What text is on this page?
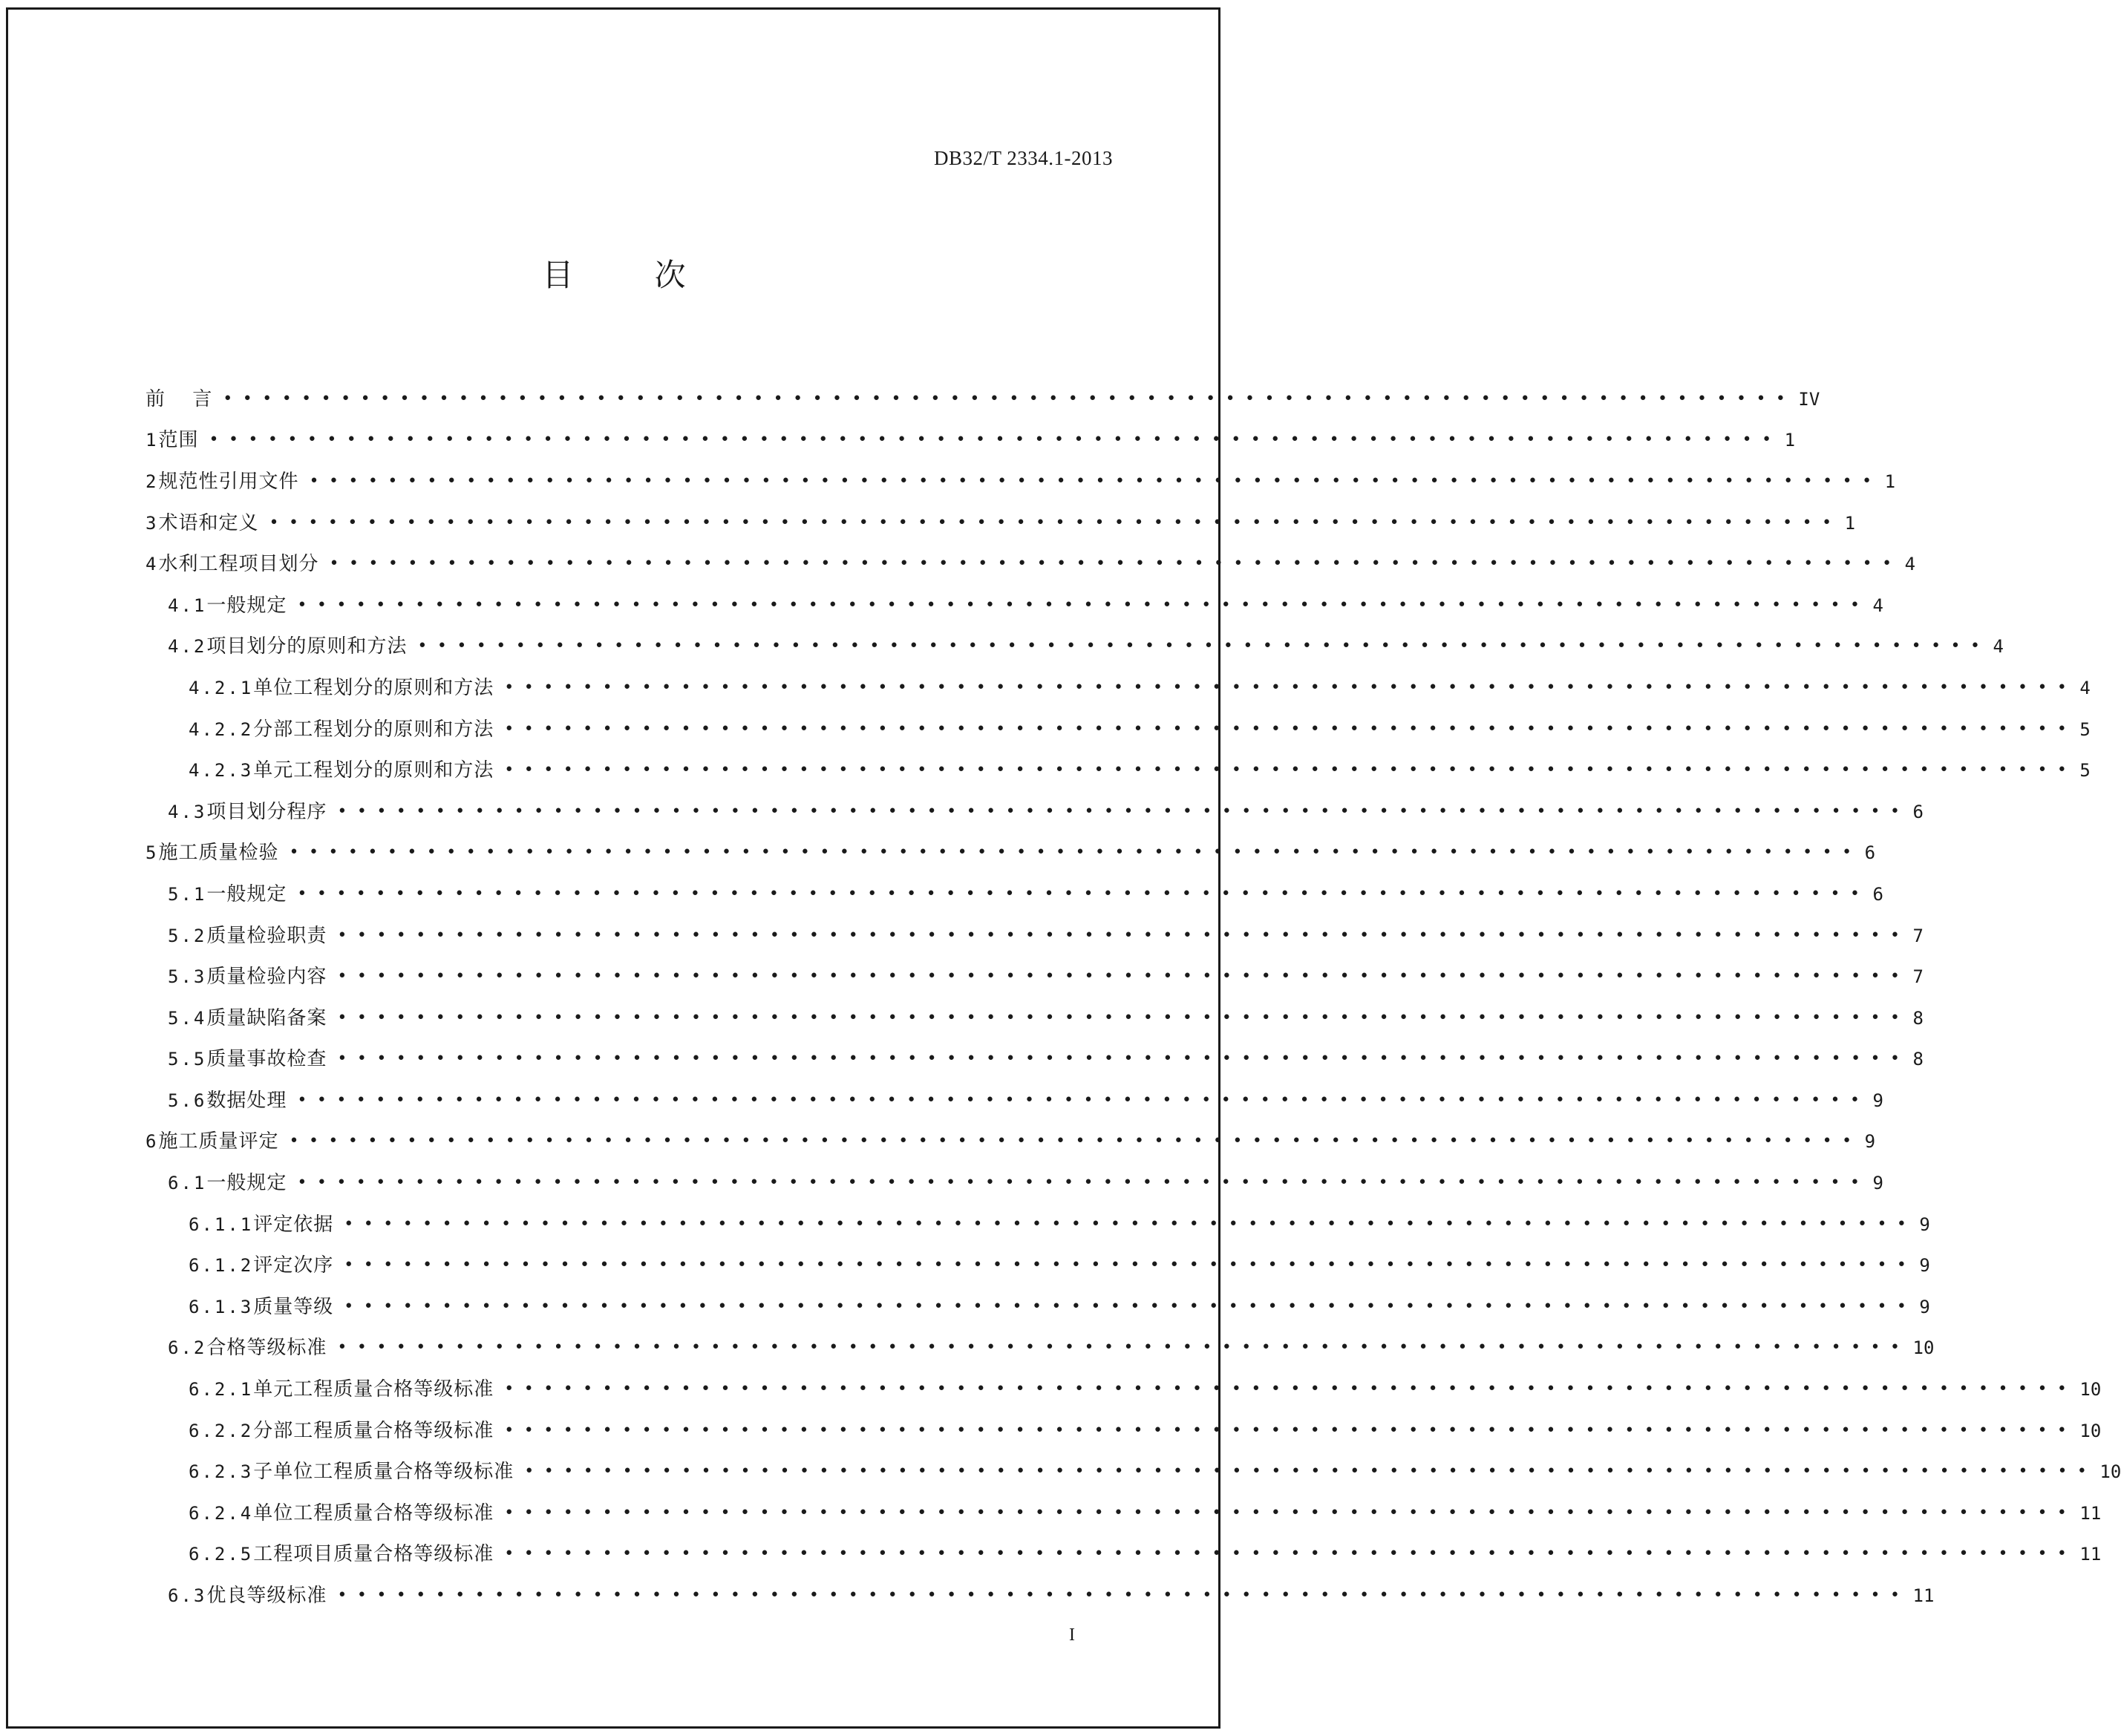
DB32/T 2334.1-2013
目 次
前　 言 •••••••••••••••••••••••••••••••••••••••••••••••••••••••••••••••••••••••••••••••• IV
1 范围 •••••••••••••••••••••••••••••••••••••••••••••••••••••••••••••••••••••••••••••••• 1
2 规范性引用文件 •••••••••••••••••••••••••••••••••••••••••••••••••••••••••••••••••••••••••••••••• 1
3 术语和定义 •••••••••••••••••••••••••••••••••••••••••••••••••••••••••••••••••••••••••••••••• 1
4 水利工程项目划分 •••••••••••••••••••••••••••••••••••••••••••••••••••••••••••••••••••••••••••••••• 4
4.1 一般规定 •••••••••••••••••••••••••••••••••••••••••••••••••••••••••••••••••••••••••••••••• 4
4.2 项目划分的原则和方法 •••••••••••••••••••••••••••••••••••••••••••••••••••••••••••••••••••••••••••••••• 4
4.2.1 单位工程划分的原则和方法 •••••••••••••••••••••••••••••••••••••••••••••••••••••••••••••••••••••••••••••••• 4
4.2.2 分部工程划分的原则和方法 •••••••••••••••••••••••••••••••••••••••••••••••••••••••••••••••••••••••••••••••• 5
4.2.3 单元工程划分的原则和方法 •••••••••••••••••••••••••••••••••••••••••••••••••••••••••••••••••••••••••••••••• 5
4.3 项目划分程序 •••••••••••••••••••••••••••••••••••••••••••••••••••••••••••••••••••••••••••••••• 6
5 施工质量检验 •••••••••••••••••••••••••••••••••••••••••••••••••••••••••••••••••••••••••••••••• 6
5.1 一般规定 •••••••••••••••••••••••••••••••••••••••••••••••••••••••••••••••••••••••••••••••• 6
5.2 质量检验职责 •••••••••••••••••••••••••••••••••••••••••••••••••••••••••••••••••••••••••••••••• 7
5.3 质量检验内容 •••••••••••••••••••••••••••••••••••••••••••••••••••••••••••••••••••••••••••••••• 7
5.4 质量缺陷备案 •••••••••••••••••••••••••••••••••••••••••••••••••••••••••••••••••••••••••••••••• 8
5.5 质量事故检查 •••••••••••••••••••••••••••••••••••••••••••••••••••••••••••••••••••••••••••••••• 8
5.6 数据处理 •••••••••••••••••••••••••••••••••••••••••••••••••••••••••••••••••••••••••••••••• 9
6 施工质量评定 •••••••••••••••••••••••••••••••••••••••••••••••••••••••••••••••••••••••••••••••• 9
6.1 一般规定 •••••••••••••••••••••••••••••••••••••••••••••••••••••••••••••••••••••••••••••••• 9
6.1.1 评定依据 •••••••••••••••••••••••••••••••••••••••••••••••••••••••••••••••••••••••••••••••• 9
6.1.2 评定次序 •••••••••••••••••••••••••••••••••••••••••••••••••••••••••••••••••••••••••••••••• 9
6.1.3 质量等级 •••••••••••••••••••••••••••••••••••••••••••••••••••••••••••••••••••••••••••••••• 9
6.2 合格等级标准 •••••••••••••••••••••••••••••••••••••••••••••••••••••••••••••••••••••••••••••••• 10
6.2.1 单元工程质量合格等级标准 •••••••••••••••••••••••••••••••••••••••••••••••••••••••••••••••••••••••••••••••• 10
6.2.2 分部工程质量合格等级标准 •••••••••••••••••••••••••••••••••••••••••••••••••••••••••••••••••••••••••••••••• 10
6.2.3 子单位工程质量合格等级标准 •••••••••••••••••••••••••••••••••••••••••••••••••••••••••••••••••••••••••••••••• 10
6.2.4 单位工程质量合格等级标准 •••••••••••••••••••••••••••••••••••••••••••••••••••••••••••••••••••••••••••••••• 11
6.2.5 工程项目质量合格等级标准 •••••••••••••••••••••••••••••••••••••••••••••••••••••••••••••••••••••••••••••••• 11
6.3 优良等级标准 •••••••••••••••••••••••••••••••••••••••••••••••••••••••••••••••••••••••••••••••• 11
I
